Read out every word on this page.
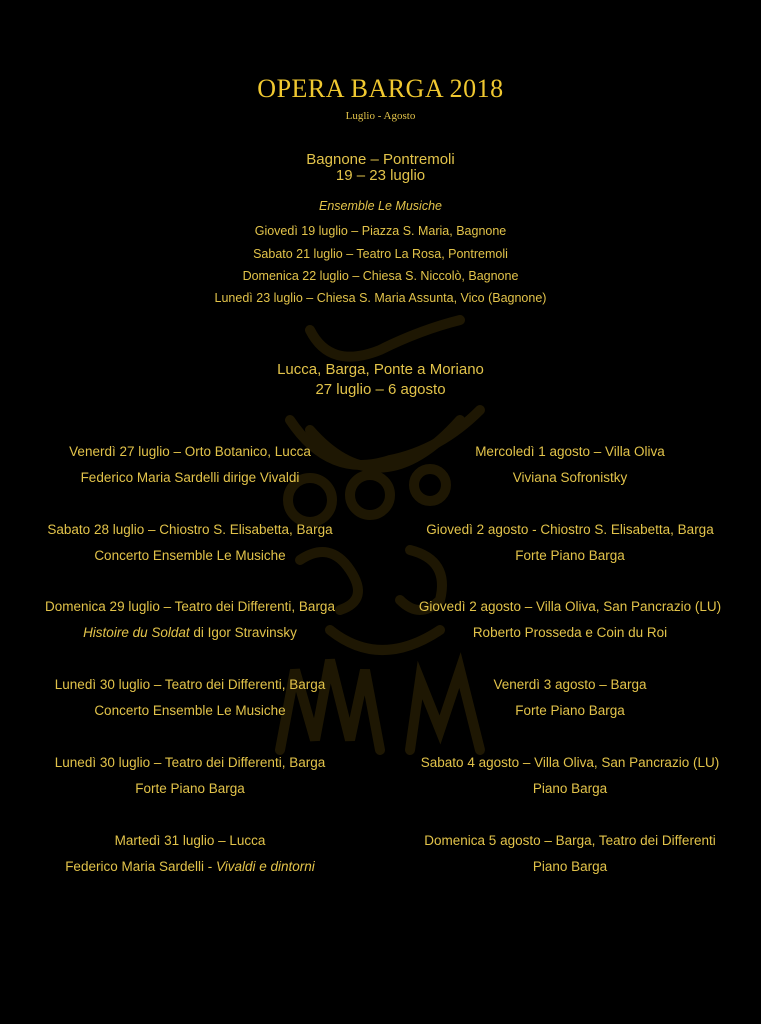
OPERA BARGA 2018
Luglio - Agosto
Bagnone – Pontremoli
19 – 23 luglio
Ensemble Le Musiche
Giovedì 19 luglio – Piazza S. Maria, Bagnone
Sabato 21 luglio – Teatro La Rosa, Pontremoli
Domenica 22 luglio – Chiesa S. Niccolò, Bagnone
Lunedì 23 luglio – Chiesa S. Maria Assunta, Vico (Bagnone)
Lucca, Barga, Ponte a Moriano
27 luglio – 6 agosto
Venerdì 27 luglio – Orto Botanico, Lucca
Federico Maria Sardelli dirige Vivaldi
Sabato 28 luglio – Chiostro S. Elisabetta, Barga
Concerto Ensemble Le Musiche
Domenica 29 luglio – Teatro dei Differenti, Barga
Histoire du Soldat di Igor Stravinsky
Lunedì 30 luglio – Teatro dei Differenti, Barga
Concerto Ensemble Le Musiche
Lunedì 30 luglio – Teatro dei Differenti, Barga
Forte Piano Barga
Martedì 31 luglio – Lucca
Federico Maria Sardelli - Vivaldi e dintorni
Mercoledì 1 agosto – Villa Oliva
Viviana Sofronistky
Giovedì 2 agosto - Chiostro S. Elisabetta, Barga
Forte Piano Barga
Giovedì 2 agosto – Villa Oliva, San Pancrazio (LU)
Roberto Prosseda e Coin du Roi
Venerdì 3 agosto – Barga
Forte Piano Barga
Sabato 4 agosto – Villa Oliva, San Pancrazio (LU)
Piano Barga
Domenica 5 agosto – Barga, Teatro dei Differenti
Piano Barga
